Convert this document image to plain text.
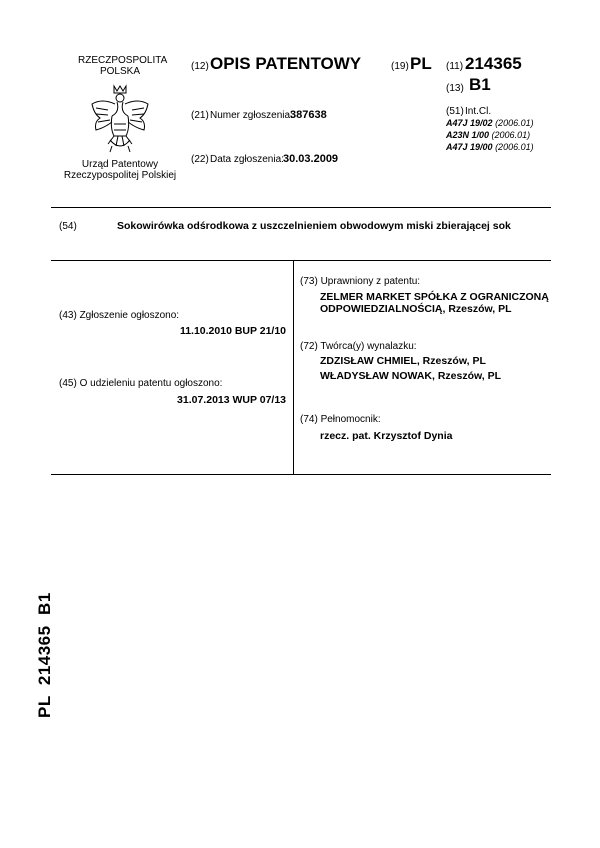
RZECZPOSPOLITA
POLSKA
Urząd Patentowy
Rzeczypospolitej Polskiej
(12) OPIS PATENTOWY	(19) PL
(21) Numer zgłoszenia:
387638
(22) Data zgłoszenia: 30.03.2009
(11) 214365
(13) B1
(51) Int.Cl.
A47J 19/02 (2006.01)
A23N 1/00 (2006.01)
A47J 19/00 (2006.01)
(54)	Sokowirówka odśrodkowa z uszczelnieniem obwodowym miski zbierającej sok
(43) Zgłoszenie ogłoszono:
11.10.2010 BUP 21/10
(45) O udzieleniu patentu ogłoszono:
31.07.2013 WUP 07/13
(73) Uprawniony z patentu:
ZELMER MARKET SPÓŁKA Z OGRANICZONĄ
ODPOWIEDZIALNOŚCIĄ, Rzeszów, PL
(72) Twórca(y) wynalazku:
ZDZISŁAW CHMIEL, Rzeszów, PL
WŁADYSŁAW NOWAK, Rzeszów, PL
(74) Pełnomocnik:
rzecz. pat. Krzysztof Dynia
PL  214365  B1
